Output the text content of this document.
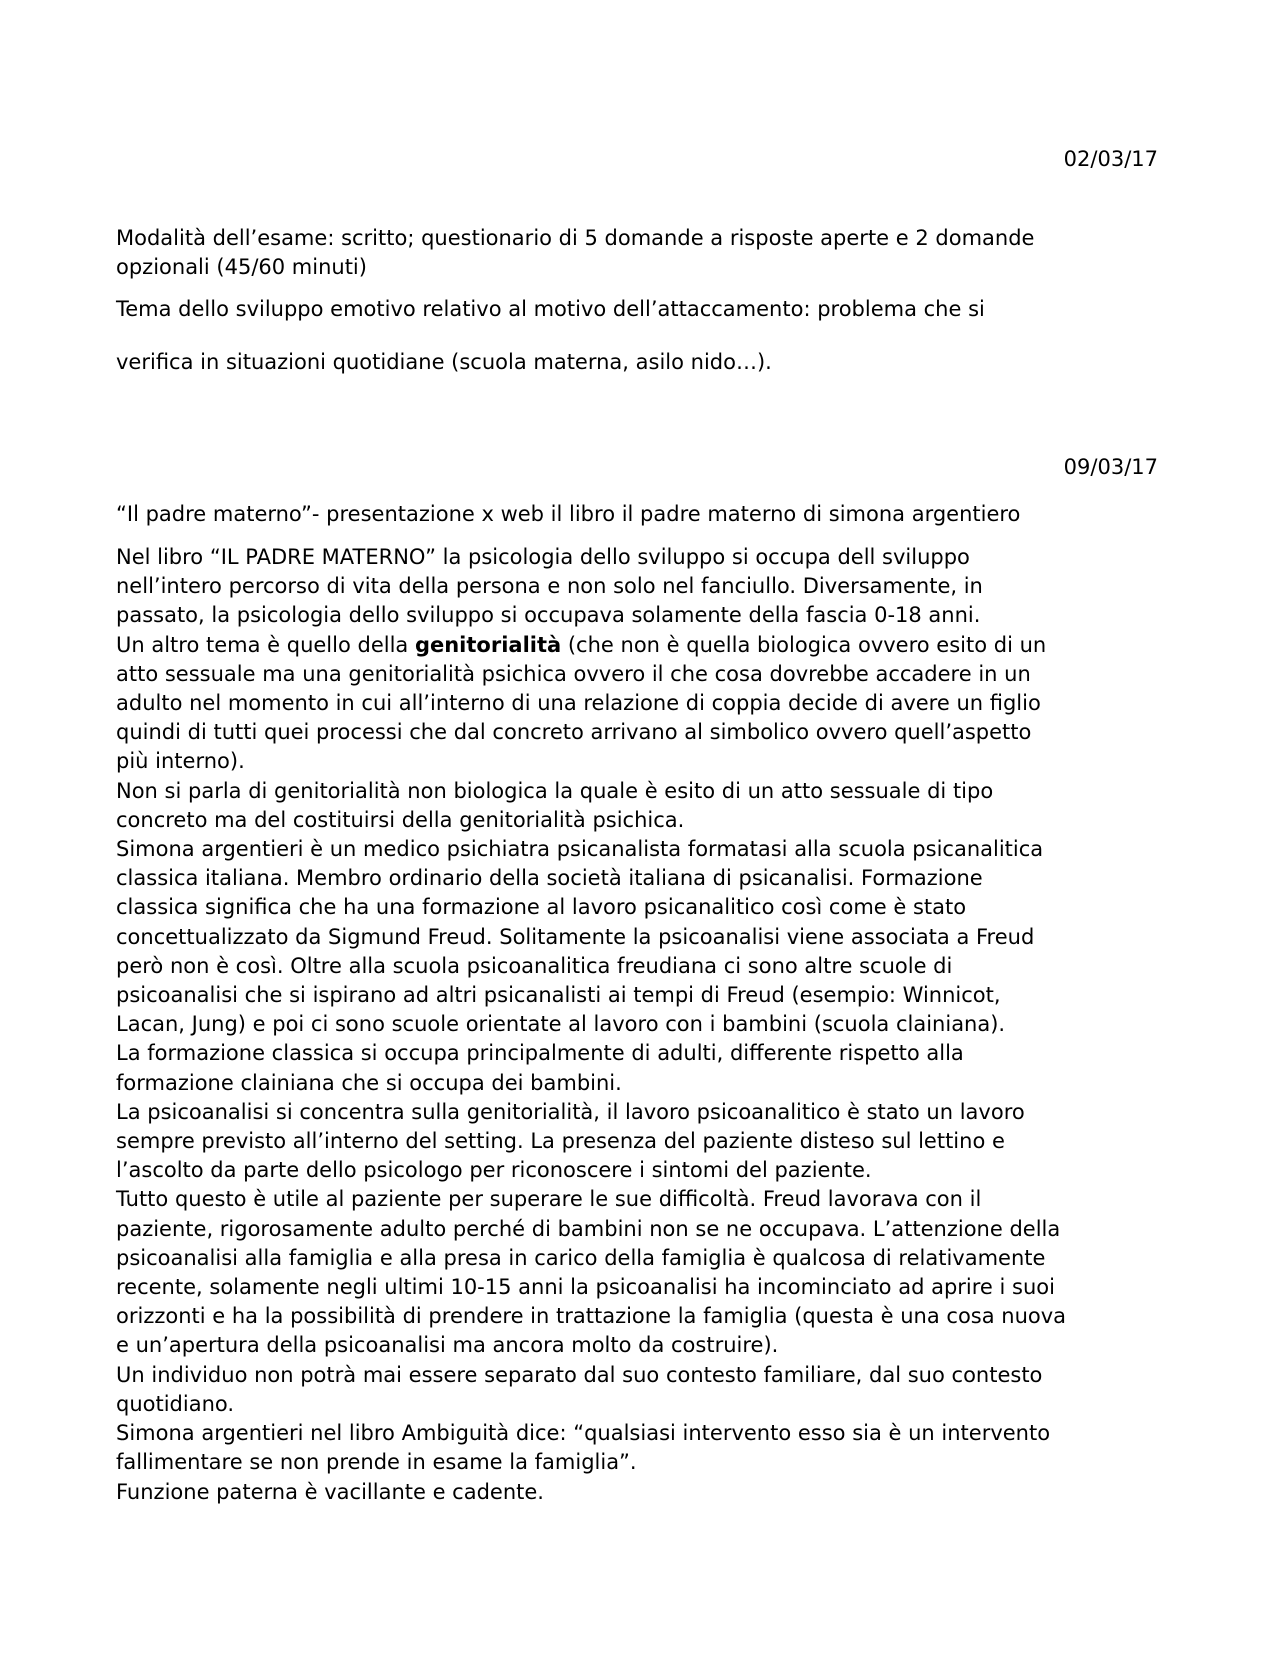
02/03/17
Modalità dell’esame: scritto; questionario di 5 domande a risposte aperte e 2 domande
opzionali (45/60 minuti)
Tema dello sviluppo emotivo relativo al motivo dell’attaccamento: problema che si
verifica in situazioni quotidiane (scuola materna, asilo nido…).
09/03/17
“Il padre materno”- presentazione x web il libro il padre materno di simona argentiero
Nel libro “IL PADRE MATERNO” la psicologia dello sviluppo si occupa dell sviluppo
nell’intero percorso di vita della persona e non solo nel fanciullo. Diversamente, in
passato, la psicologia dello sviluppo si occupava solamente della fascia 0-18 anni.
Un altro tema è quello della genitorialità (che non è quella biologica ovvero esito di un
atto sessuale ma una genitorialità psichica ovvero il che cosa dovrebbe accadere in un
adulto nel momento in cui all’interno di una relazione di coppia decide di avere un figlio
quindi di tutti quei processi che dal concreto arrivano al simbolico ovvero quell’aspetto
più interno).
Non si parla di genitorialità non biologica la quale è esito di un atto sessuale di tipo
concreto ma del costituirsi della genitorialità psichica.
Simona argentieri è un medico psichiatra psicanalista formatasi alla scuola psicanalitica
classica italiana. Membro ordinario della società italiana di psicanalisi. Formazione
classica significa che ha una formazione al lavoro psicanalitico così come è stato
concettualizzato da Sigmund Freud. Solitamente la psicoanalisi viene associata a Freud
però non è così. Oltre alla scuola psicoanalitica freudiana ci sono altre scuole di
psicoanalisi che si ispirano ad altri psicanalisti ai tempi di Freud (esempio: Winnicot,
Lacan, Jung) e poi ci sono scuole orientate al lavoro con i bambini (scuola clainiana).
La formazione classica si occupa principalmente di adulti, differente rispetto alla
formazione clainiana che si occupa dei bambini.
La psicoanalisi si concentra sulla genitorialità, il lavoro psicoanalitico è stato un lavoro
sempre previsto all’interno del setting. La presenza del paziente disteso sul lettino e
l’ascolto da parte dello psicologo per riconoscere i sintomi del paziente.
Tutto questo è utile al paziente per superare le sue difficoltà. Freud lavorava con il
paziente, rigorosamente adulto perché di bambini non se ne occupava. L’attenzione della
psicoanalisi alla famiglia e alla presa in carico della famiglia è qualcosa di relativamente
recente, solamente negli ultimi 10-15 anni la psicoanalisi ha incominciato ad aprire i suoi
orizzonti e ha la possibilità di prendere in trattazione la famiglia (questa è una cosa nuova
e un’apertura della psicoanalisi ma ancora molto da costruire).
Un individuo non potrà mai essere separato dal suo contesto familiare, dal suo contesto
quotidiano.
Simona argentieri nel libro Ambiguità dice: “qualsiasi intervento esso sia è un intervento
fallimentare se non prende in esame la famiglia”.
Funzione paterna è vacillante e cadente.
